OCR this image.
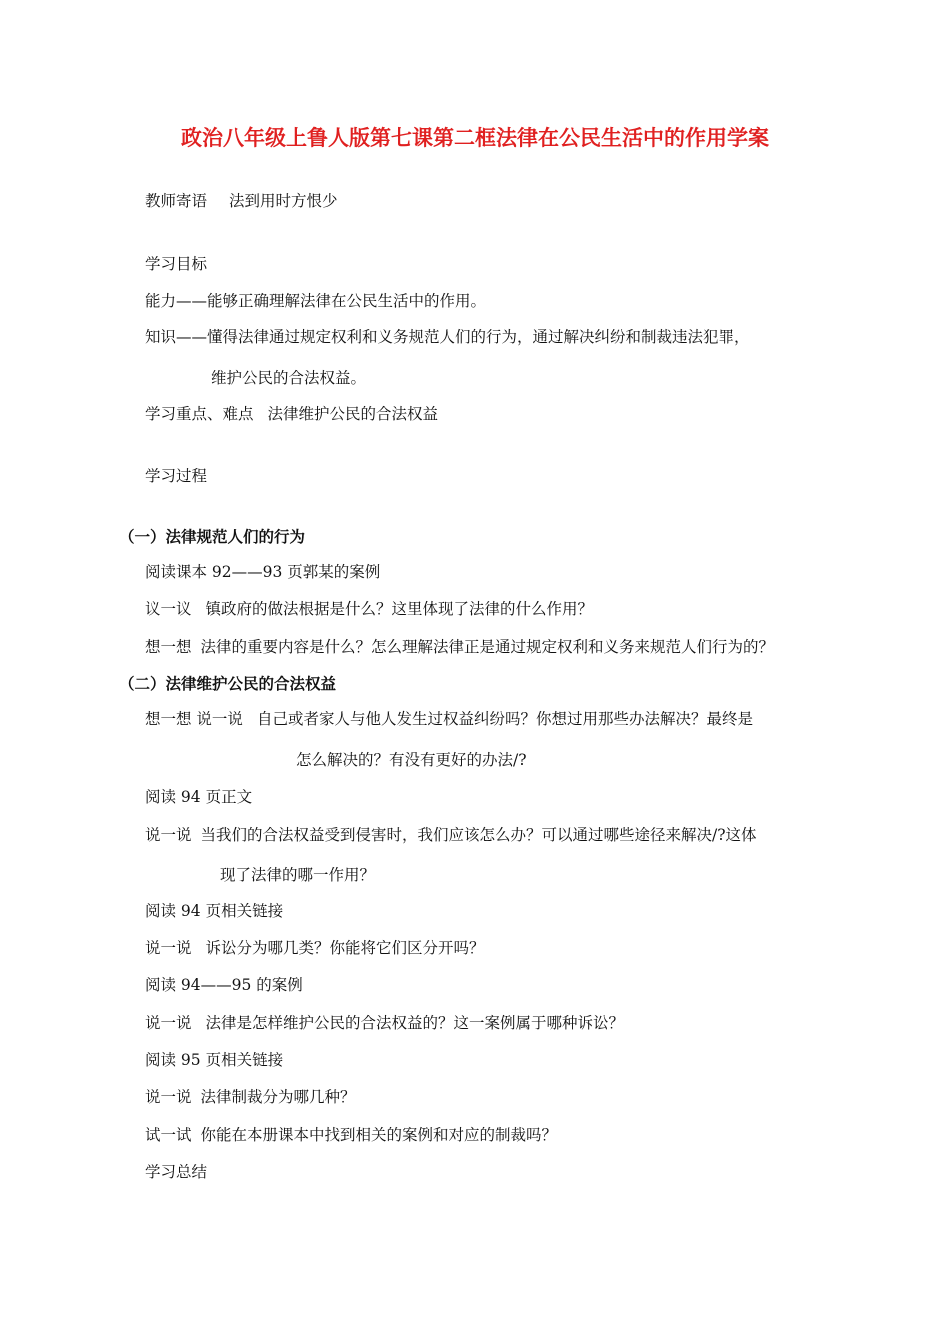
政治八年级上鲁人版第七课第二框法律在公民生活中的作用学案
教师寄语 法到用时方恨少
学习目标
能力——能够正确理解法律在公民生活中的作用。
知识——懂得法律通过规定权利和义务规范人们的行为，通过解决纠纷和制裁违法犯罪，
维护公民的合法权益。
学习重点、难点 法律维护公民的合法权益
学习过程
（一）法律规范人们的行为
阅读课本 92——93 页郭某的案例
议一议 镇政府的做法根据是什么？这里体现了法律的什么作用？
想一想 法律的重要内容是什么？怎么理解法律正是通过规定权利和义务来规范人们行为的？
（二）法律维护公民的合法权益
想一想 说一说 自己或者家人与他人发生过权益纠纷吗？你想过用那些办法解决？最终是
怎么解决的？有没有更好的办法/?
阅读 94 页正文
说一说 当我们的合法权益受到侵害时，我们应该怎么办？可以通过哪些途径来解决/?这体
现了法律的哪一作用？
阅读 94 页相关链接
说一说 诉讼分为哪几类？你能将它们区分开吗？
阅读 94——95 的案例
说一说 法律是怎样维护公民的合法权益的？这一案例属于哪种诉讼？
阅读 95 页相关链接
说一说 法律制裁分为哪几种？
试一试 你能在本册课本中找到相关的案例和对应的制裁吗？
学习总结
